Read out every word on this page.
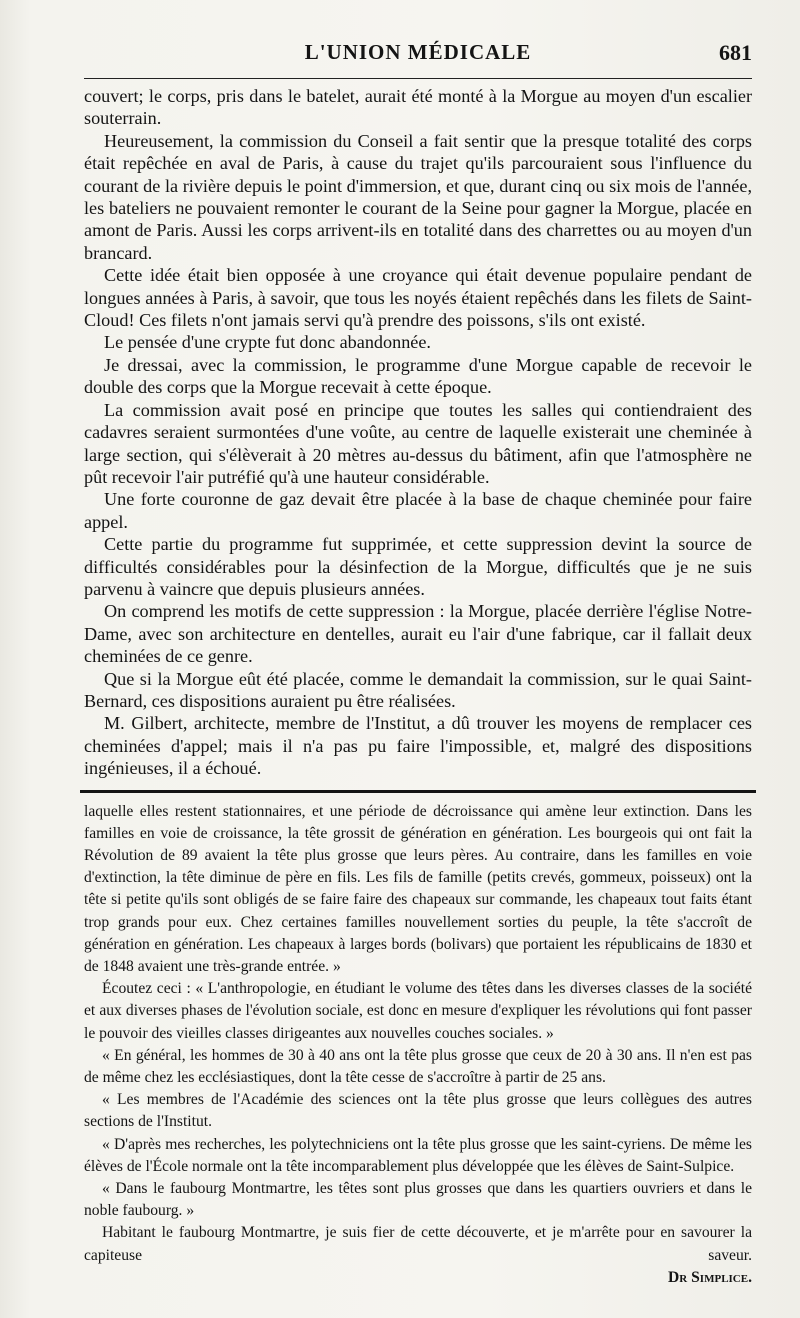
L'UNION MÉDICALE	681

couvert; le corps, pris dans le batelet, aurait été monté à la Morgue au moyen d'un escalier souterrain.

Heureusement, la commission du Conseil a fait sentir que la presque totalité des corps était repêchée en aval de Paris, à cause du trajet qu'ils parcouraient sous l'influence du courant de la rivière depuis le point d'immersion, et que, durant cinq ou six mois de l'année, les bateliers ne pouvaient remonter le courant de la Seine pour gagner la Morgue, placée en amont de Paris. Aussi les corps arrivent-ils en totalité dans des charrettes ou au moyen d'un brancard.

Cette idée était bien opposée à une croyance qui était devenue populaire pendant de longues années à Paris, à savoir, que tous les noyés étaient repêchés dans les filets de Saint-Cloud! Ces filets n'ont jamais servi qu'à prendre des poissons, s'ils ont existé.

Le pensée d'une crypte fut donc abandonnée.

Je dressai, avec la commission, le programme d'une Morgue capable de recevoir le double des corps que la Morgue recevait à cette époque.

La commission avait posé en principe que toutes les salles qui contiendraient des cadavres seraient surmontées d'une voûte, au centre de laquelle existerait une cheminée à large section, qui s'élèverait à 20 mètres au-dessus du bâtiment, afin que l'atmosphère ne pût recevoir l'air putréfié qu'à une hauteur considérable.

Une forte couronne de gaz devait être placée à la base de chaque cheminée pour faire appel.

Cette partie du programme fut supprimée, et cette suppression devint la source de difficultés considérables pour la désinfection de la Morgue, difficultés que je ne suis parvenu à vaincre que depuis plusieurs années.

On comprend les motifs de cette suppression : la Morgue, placée derrière l'église Notre-Dame, avec son architecture en dentelles, aurait eu l'air d'une fabrique, car il fallait deux cheminées de ce genre.

Que si la Morgue eût été placée, comme le demandait la commission, sur le quai Saint-Bernard, ces dispositions auraient pu être réalisées.

M. Gilbert, architecte, membre de l'Institut, a dû trouver les moyens de remplacer ces cheminées d'appel; mais il n'a pas pu faire l'impossible, et, malgré des dispositions ingénieuses, il a échoué.

laquelle elles restent stationnaires, et une période de décroissance qui amène leur extinction. Dans les familles en voie de croissance, la tête grossit de génération en génération. Les bourgeois qui ont fait la Révolution de 89 avaient la tête plus grosse que leurs pères. Au contraire, dans les familles en voie d'extinction, la tête diminue de père en fils. Les fils de famille (petits crevés, gommeux, poisseux) ont la tête si petite qu'ils sont obligés de se faire faire des chapeaux sur commande, les chapeaux tout faits étant trop grands pour eux. Chez certaines familles nouvellement sorties du peuple, la tête s'accroît de génération en génération. Les chapeaux à larges bords (bolivars) que portaient les républicains de 1830 et de 1848 avaient une très-grande entrée. »

Écoutez ceci : « L'anthropologie, en étudiant le volume des têtes dans les diverses classes de la société et aux diverses phases de l'évolution sociale, est donc en mesure d'expliquer les révolutions qui font passer le pouvoir des vieilles classes dirigeantes aux nouvelles couches sociales. »

« En général, les hommes de 30 à 40 ans ont la tête plus grosse que ceux de 20 à 30 ans. Il n'en est pas de même chez les ecclésiastiques, dont la tête cesse de s'accroître à partir de 25 ans.

« Les membres de l'Académie des sciences ont la tête plus grosse que leurs collègues des autres sections de l'Institut.

« D'après mes recherches, les polytechniciens ont la tête plus grosse que les saint-cyriens. De même les élèves de l'École normale ont la tête incomparablement plus développée que les élèves de Saint-Sulpice.

« Dans le faubourg Montmartre, les têtes sont plus grosses que dans les quartiers ouvriers et dans le noble faubourg. »

Habitant le faubourg Montmartre, je suis fier de cette découverte, et je m'arrête pour en savourer la capiteuse saveur.

Dr Simplice.
